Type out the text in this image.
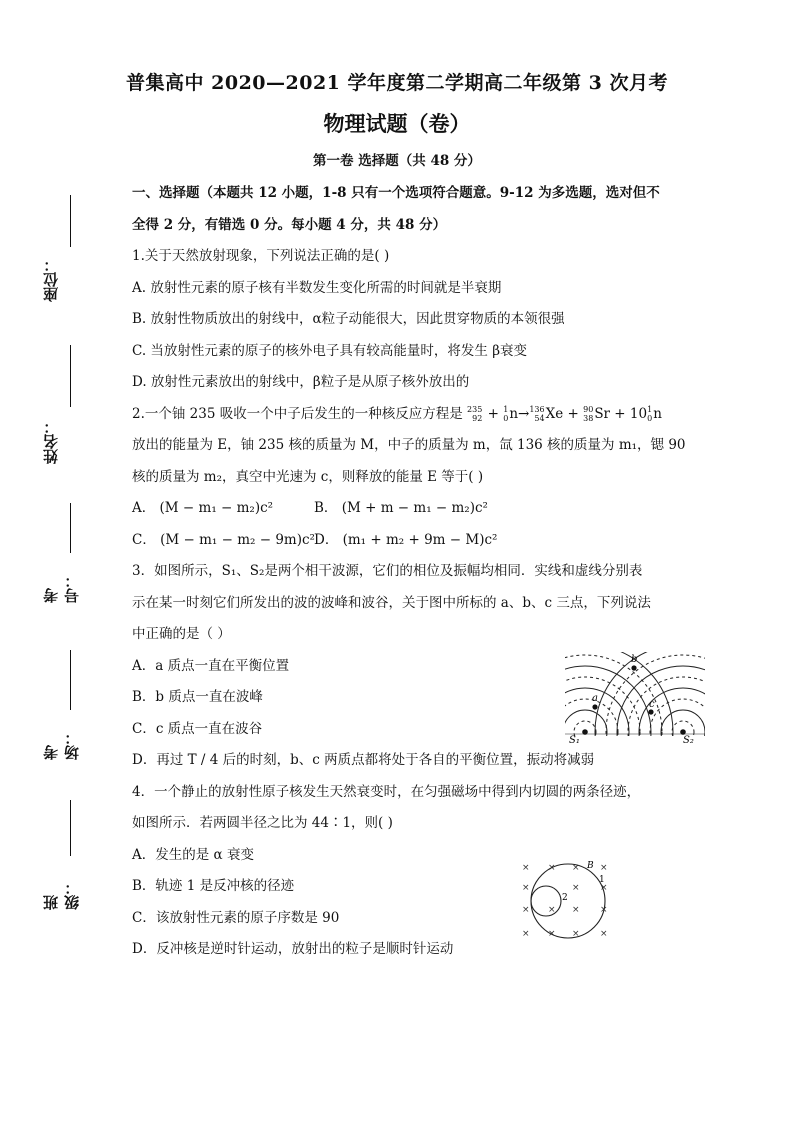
普集高中 2020—2021 学年度第二学期高二年级第 3 次月考
物理试题（卷）
第一卷 选择题（共 48 分）
座位：
姓名：
考号：
考场：
班级：

一、选择题（本题共 12 小题，1-8 只有一个选项符合题意。9-12 为多选题，选对但不

全得 2 分，有错选 0 分。每小题 4 分，共 48 分）

1.关于天然放射现象，下列说法正确的是( )

A. 放射性元素的原子核有半数发生变化所需的时间就是半衰期

B. 放射性物质放出的射线中，α粒子动能很大，因此贯穿物质的本领很强

C. 当放射性元素的原子的核外电子具有较高能量时，将发生 β衰变

D. 放射性元素放出的射线中，β粒子是从原子核外放出的

2.一个铀 235 吸收一个中子后发生的一种核反应方程是 235
92 + 1
0n→136
54Xe + 90
38Sr + 101
0n

放出的能量为 E，铀 235 核的质量为 M，中子的质量为 m，氙 136 核的质量为 m₁，锶 90

核的质量为 m₂，真空中光速为 c，则释放的能量 E 等于( )

A． (M − m₁ − m₂)c²	B． (M + m − m₁ − m₂)c²

C． (M − m₁ − m₂ − 9m)c²D． (m₁ + m₂ + 9m − M)c²

3．如图所示，S₁、S₂是两个相干波源，它们的相位及振幅均相同．实线和虚线分别表

示在某一时刻它们所发出的波的波峰和波谷，关于图中所标的 a、b、c 三点，下列说法

中正确的是（ ）

A．a 质点一直在平衡位置

B．b 质点一直在波峰

C．c 质点一直在波谷

D．再过 T / 4 后的时刻，b、c 两质点都将处于各自的平衡位置，振动将减弱

4．一个静止的放射性原子核发生天然衰变时，在匀强磁场中得到内切圆的两条径迹，

如图所示．若两圆半径之比为 44∶1，则( )

A．发生的是 α 衰变

B．轨迹 1 是反冲核的径迹

C．该放射性元素的原子序数是 90

D．反冲核是逆时针运动，放射出的粒子是顺时针运动

a
b
c
S₁	S₂
× × × ×
×	× ×
× × × ×
× × × ×
B
1
2
